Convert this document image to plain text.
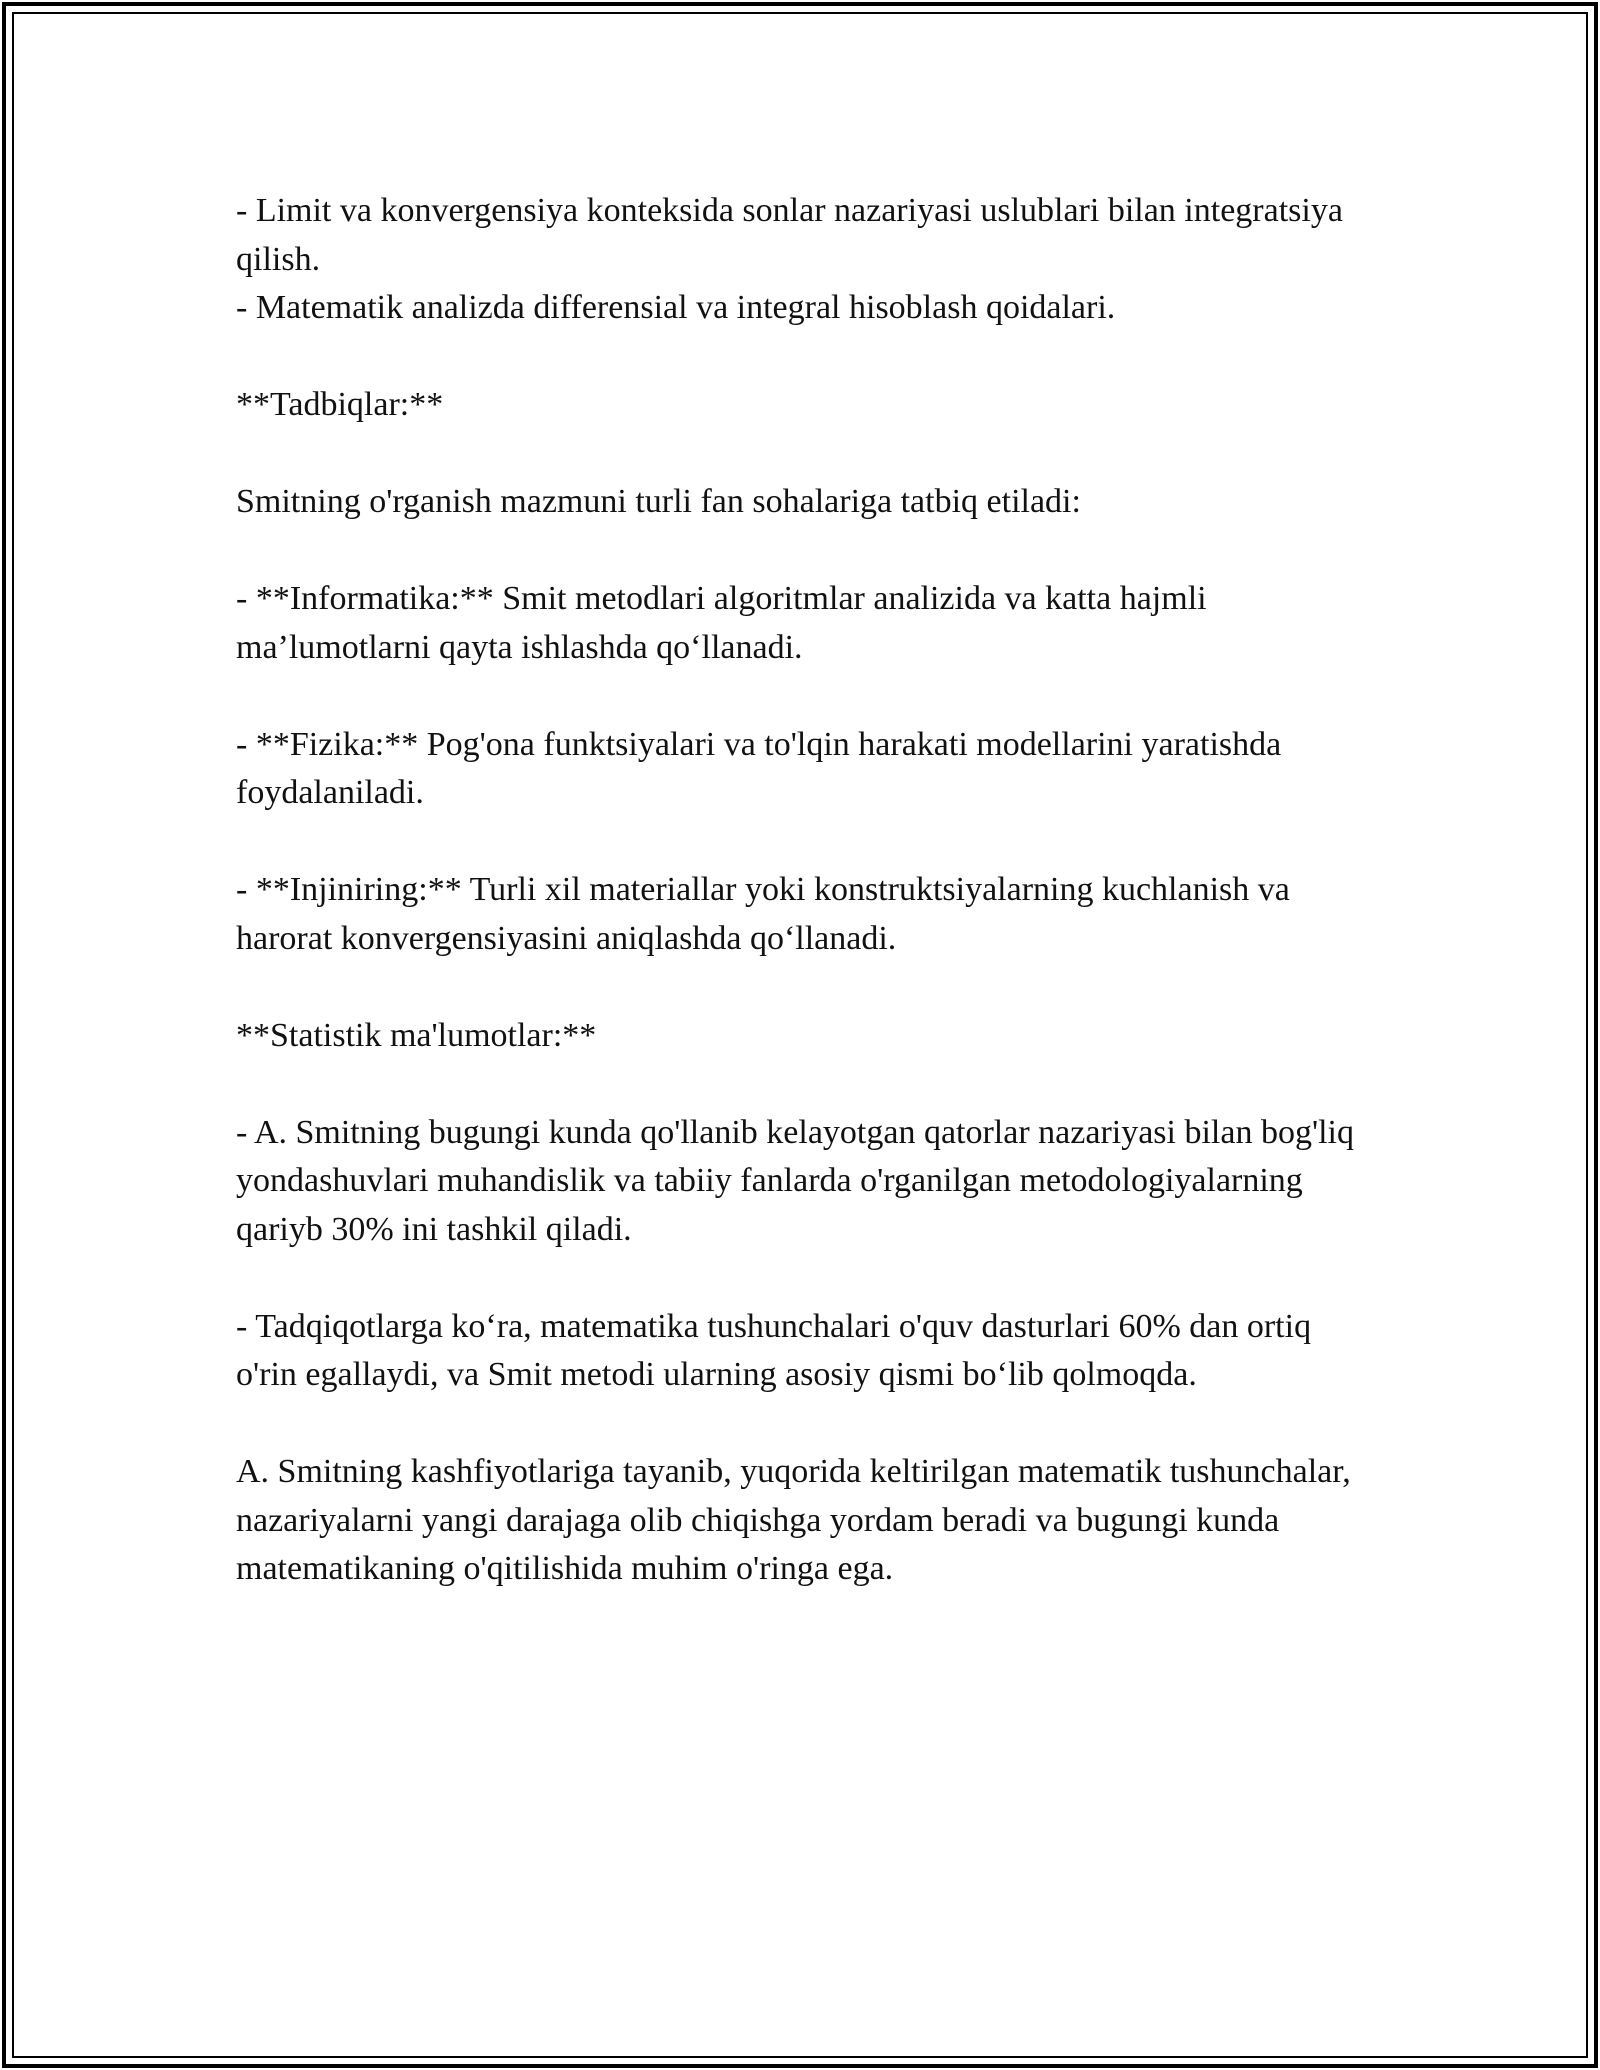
- Limit va konvergensiya konteksida sonlar nazariyasi uslublari bilan integratsiya qilish.

- Matematik analizda differensial va integral hisoblash qoidalari.

**Tadbiqlar:**

Smitning o'rganish mazmuni turli fan sohalariga tatbiq etiladi:

- **Informatika:** Smit metodlari algoritmlar analizida va katta hajmli ma’lumotlarni qayta ishlashda qo‘llanadi.

- **Fizika:** Pog'ona funktsiyalari va to'lqin harakati modellarini yaratishda foydalaniladi.

- **Injiniring:** Turli xil materiallar yoki konstruktsiyalarning kuchlanish va harorat konvergensiyasini aniqlashda qo‘llanadi.

**Statistik ma'lumotlar:**

- A. Smitning bugungi kunda qo'llanib kelayotgan qatorlar nazariyasi bilan bog'liq yondashuvlari muhandislik va tabiiy fanlarda o'rganilgan metodologiyalarning qariyb 30% ini tashkil qiladi.

- Tadqiqotlarga ko‘ra, matematika tushunchalari o'quv dasturlari 60% dan ortiq o'rin egallaydi, va Smit metodi ularning asosiy qismi bo‘lib qolmoqda.

A. Smitning kashfiyotlariga tayanib, yuqorida keltirilgan matematik tushunchalar, nazariyalarni yangi darajaga olib chiqishga yordam beradi va bugungi kunda matematikaning o'qitilishida muhim o'ringa ega.
